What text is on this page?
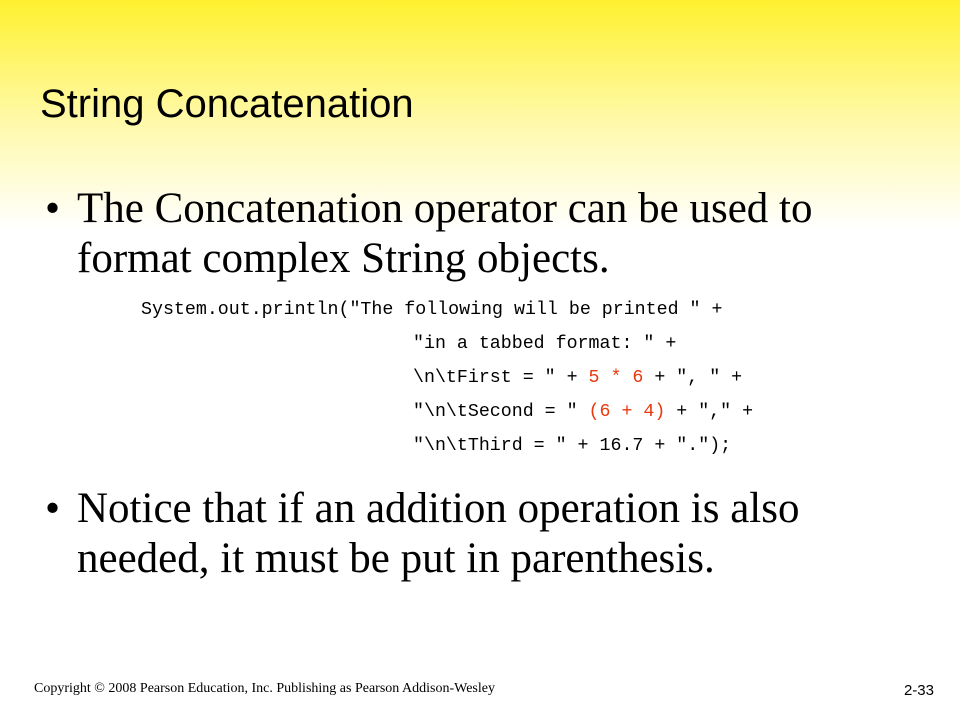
String Concatenation
• The Concatenation operator can be used to format complex String objects.

System.out.println("The following will be printed " +

"in a tabbed format: " +

\n\tFirst = " + 5 * 6 + ", " +

"\n\tSecond = " (6 + 4) + "," +

"\n\tThird = " + 16.7 + ".");

• Notice that if an addition operation is also needed, it must be put in parenthesis.
Copyright © 2008 Pearson Education, Inc. Publishing as Pearson Addison-Wesley	2-33
